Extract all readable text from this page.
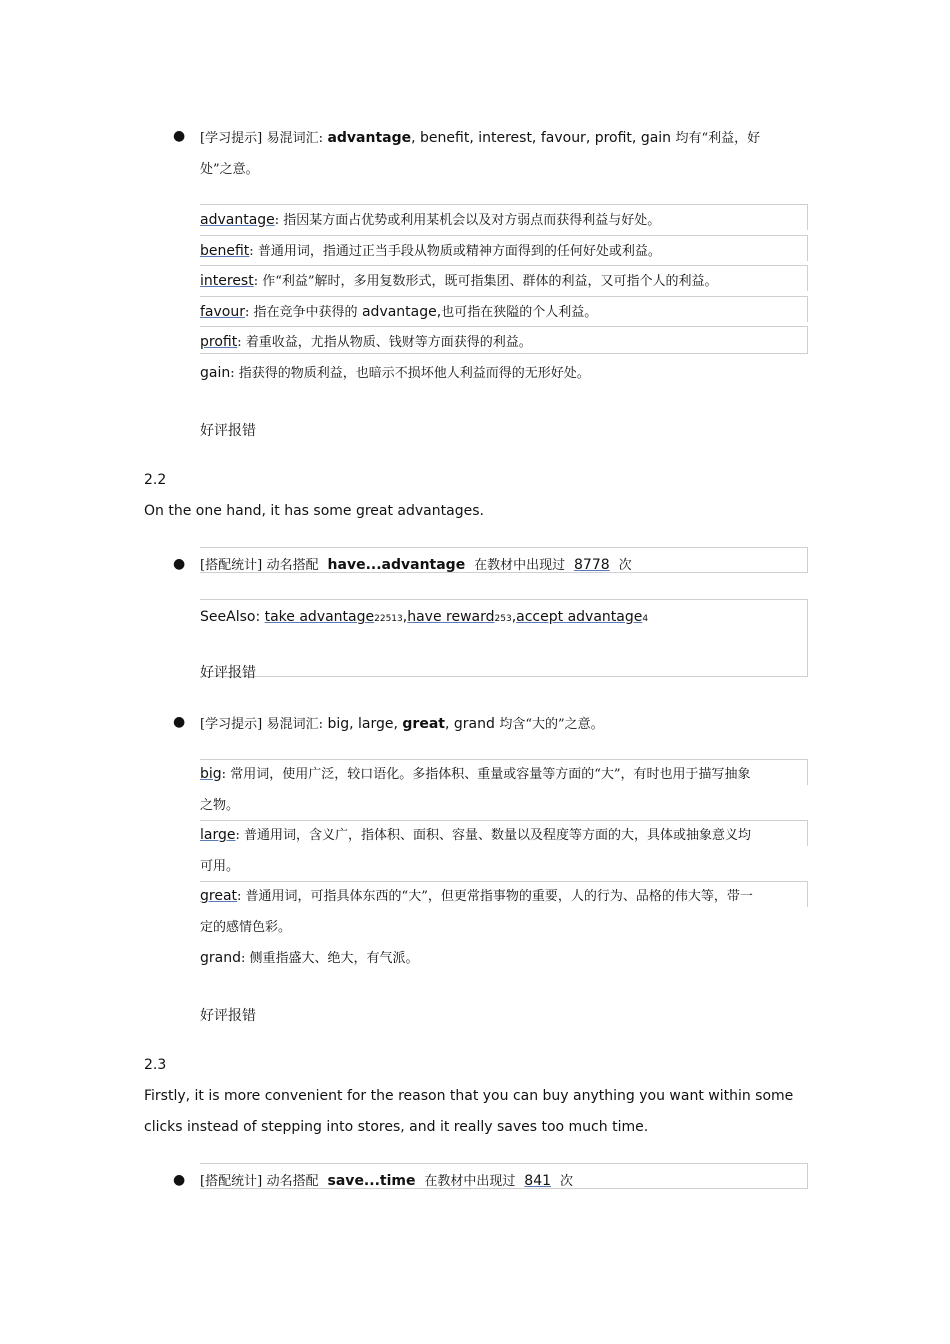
● [学习提示] 易混词汇: advantage, benefit, interest, favour, profit, gain 均有“利益，好
处”之意。
advantage: 指因某方面占优势或利用某机会以及对方弱点而获得利益与好处。
benefit: 普通用词，指通过正当手段从物质或精神方面得到的任何好处或利益。
interest: 作“利益”解时，多用复数形式，既可指集团、群体的利益，又可指个人的利益。
favour: 指在竞争中获得的 advantage,也可指在狭隘的个人利益。
profit: 着重收益，尤指从物质、钱财等方面获得的利益。
gain: 指获得的物质利益，也暗示不损坏他人利益而得的无形好处。
好评报错
2.2
On the one hand, it has some great advantages.
● [搭配统计] 动名搭配 have...advantage 在教材中出现过 8778 次
SeeAlso: take advantage22513,have reward253,accept advantage4
好评报错
● [学习提示] 易混词汇: big, large, great, grand 均含“大的”之意。
big: 常用词，使用广泛，较口语化。多指体积、重量或容量等方面的“大”，有时也用于描写抽象
之物。
large: 普通用词，含义广，指体积、面积、容量、数量以及程度等方面的大，具体或抽象意义均
可用。
great: 普通用词，可指具体东西的“大”，但更常指事物的重要，人的行为、品格的伟大等，带一
定的感情色彩。
grand: 侧重指盛大、绝大，有气派。
好评报错
2.3
Firstly, it is more convenient for the reason that you can buy anything you want within some
clicks instead of stepping into stores, and it really saves too much time.
● [搭配统计] 动名搭配 save...time 在教材中出现过 841 次
